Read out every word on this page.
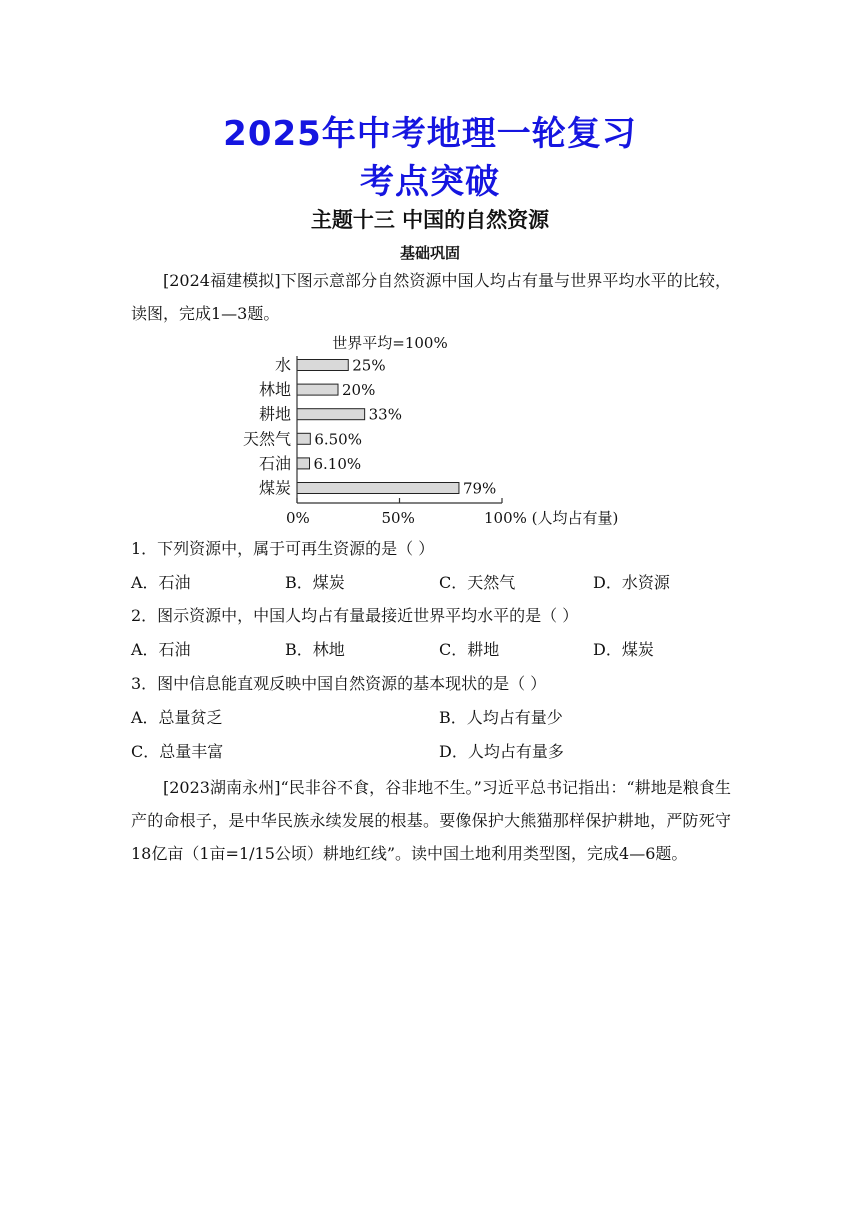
2025年中考地理一轮复习
考点突破
主题十三 中国的自然资源
基础巩固
[2024福建模拟]下图示意部分自然资源中国人均占有量与世界平均水平的比较，读图，完成1—3题。
世界平均=100%
水	25%
林地	20%
耕地	33%
天然气 6.50%
石油 6.10%
煤炭	79%
0%	50%	100% (人均占有量)
1．下列资源中，属于可再生资源的是（ ）
A．石油	B．煤炭	C．天然气	D．水资源
2．图示资源中，中国人均占有量最接近世界平均水平的是（ ）
A．石油	B．林地	C．耕地	D．煤炭
3．图中信息能直观反映中国自然资源的基本现状的是（ ）
A．总量贫乏	B．人均占有量少
C．总量丰富	D．人均占有量多
[2023湖南永州]“民非谷不食，谷非地不生。”习近平总书记指出：“耕地是粮食生产的命根子，是中华民族永续发展的根基。要像保护大熊猫那样保护耕地，严防死守18亿亩（1亩=1/15公顷）耕地红线”。读中国土地利用类型图，完成4—6题。
